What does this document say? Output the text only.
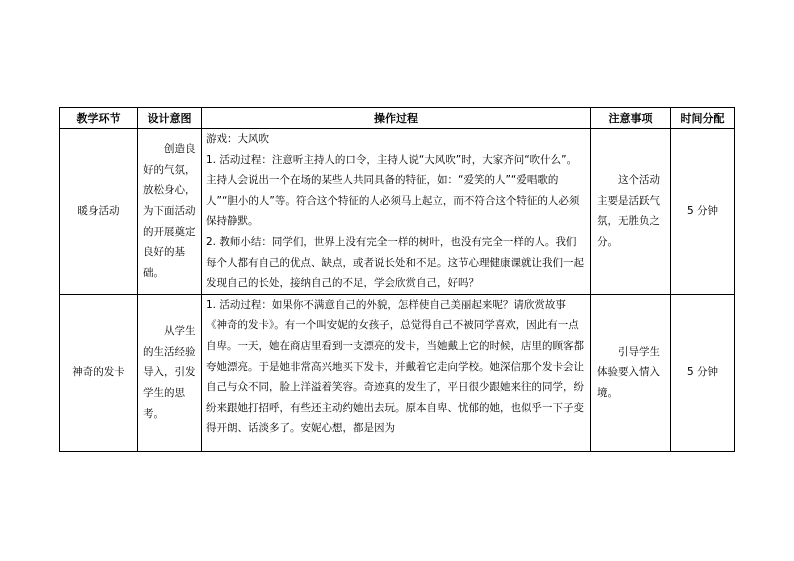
教学环节	设计意图	操作过程	注意事项	时间分配
暖身活动	创造良好的气氛，放松身心，为下面活动的开展奠定良好的基础。	游戏：大风吹

1. 活动过程：注意听主持人的口令，主持人说“大风吹”时，大家齐问“吹什么”。主持人会说出一个在场的某些人共同具备的特征，如：“爱笑的人”“爱唱歌的人”“胆小的人”等。符合这个特征的人必须马上起立，而不符合这个特征的人必须保持静默。

2. 教师小结：同学们，世界上没有完全一样的树叶，也没有完全一样的人。我们每个人都有自己的优点、缺点，或者说长处和不足。这节心理健康课就让我们一起发现自己的长处，接纳自己的不足，学会欣赏自己，好吗？	这个活动主要是活跃气氛，无胜负之分。	5 分钟
神奇的发卡	从学生的生活经验导入，引发学生的思考。	1. 活动过程：如果你不满意自己的外貌，怎样使自己美丽起来呢？请欣赏故事《神奇的发卡》。有一个叫安妮的女孩子，总觉得自己不被同学喜欢，因此有一点自卑。一天，她在商店里看到一支漂亮的发卡，当她戴上它的时候，店里的顾客都夸她漂亮。于是她非常高兴地买下发卡，并戴着它走向学校。她深信那个发卡会让自己与众不同，脸上洋溢着笑容。奇迹真的发生了，平日很少跟她来往的同学，纷纷来跟她打招呼，有些还主动约她出去玩。原本自卑、忧郁的她，也似乎一下子变得开朗、话淡多了。安妮心想，都是因为	引导学生体验要入情入境。	5 分钟
